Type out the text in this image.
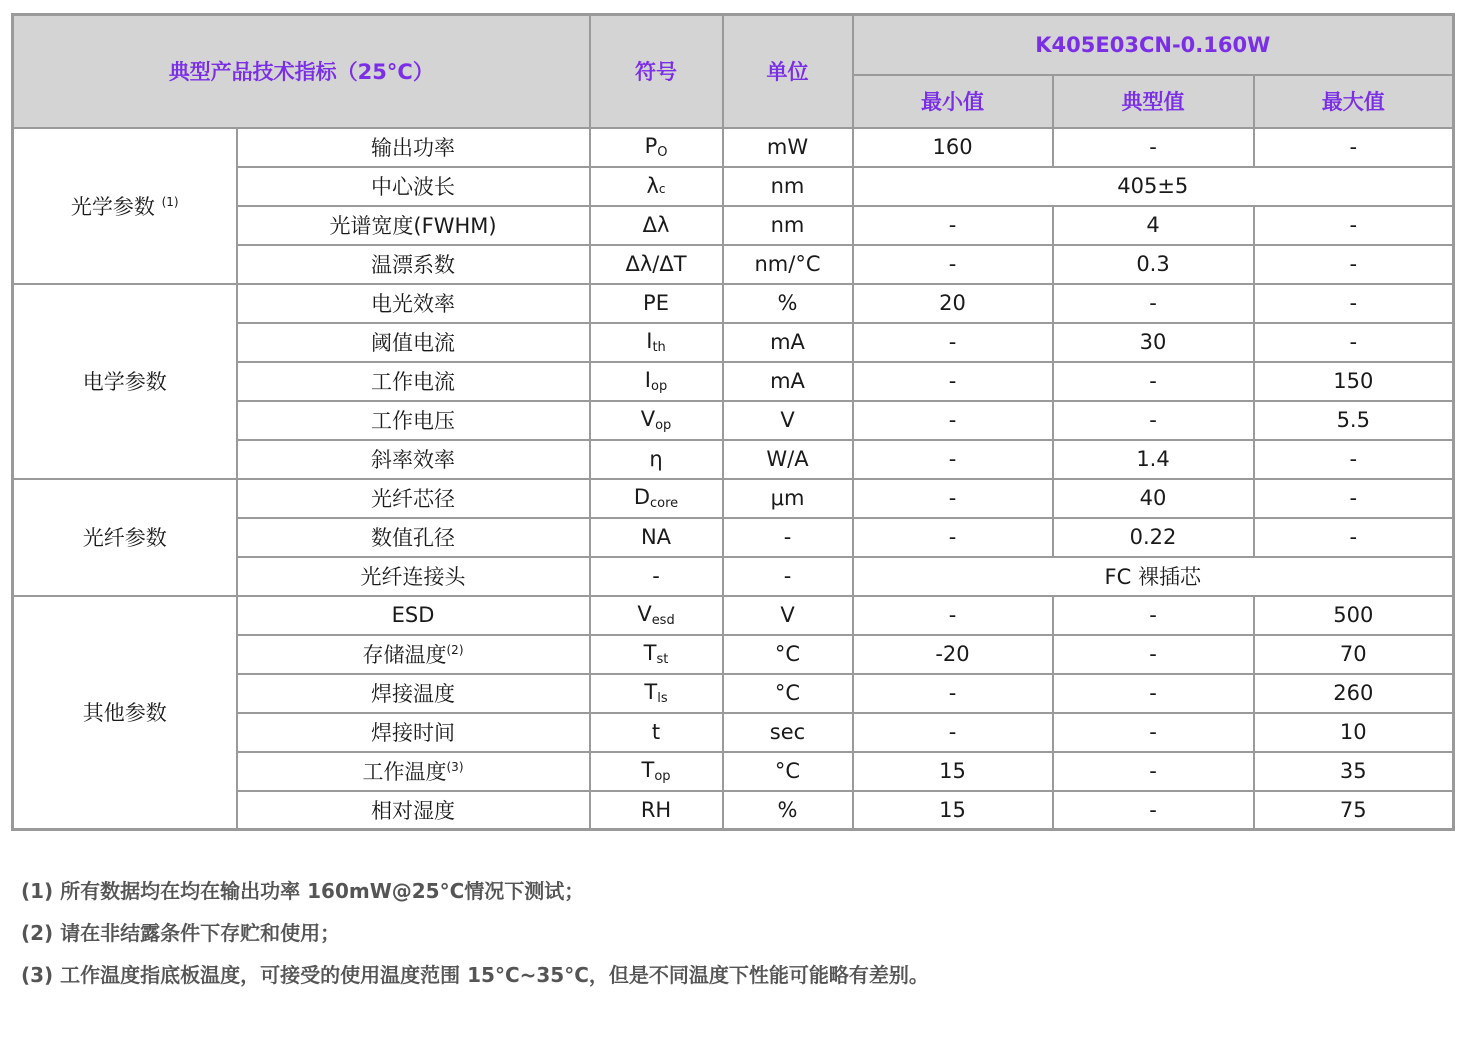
典型产品技术指标（25°C）		符号	单位	K405E03CN-0.160W		
				最小值	典型值	最大值
光学参数 $^{(1)}$	输出功率	$P_O$	mW	160	-	-
	中心波长	λc	nm	405±5		
	光谱宽度(FWHM)	Δλ	nm	-	4	-
	温漂系数	Δλ/ΔT	nm/°C	-	0.3	-
电学参数	电光效率	PE	%	20	-	-
	阈值电流	$I_{th}$	mA	-	30	-
	工作电流	$I_{op}$	mA	-	-	150
	工作电压	$V_{op}$	V	-	-	5.5
	斜率效率	η	W/A	-	1.4	-
光纤参数	光纤芯径	$D_{core}$	μm	-	40	-
	数值孔径	NA	-	-	0.22	-
	光纤连接头	-	-	FC 裸插芯		
其他参数	ESD	$V_{esd}$	V	-	-	500
	存储温度$^{(2)}$	$T_{st}$	°C	-20	-	70
	焊接温度	$T_{ls}$	°C	-	-	260
	焊接时间	t	sec	-	-	10
	工作温度$^{(3)}$	$T_{op}$	°C	15	-	35
	相对湿度	RH	%	15	-	75
(1) 所有数据均在均在输出功率 160mW@25°C情况下测试；
(2) 请在非结露条件下存贮和使用；
(3) 工作温度指底板温度，可接受的使用温度范围 15°C~35°C，但是不同温度下性能可能略有差别。
